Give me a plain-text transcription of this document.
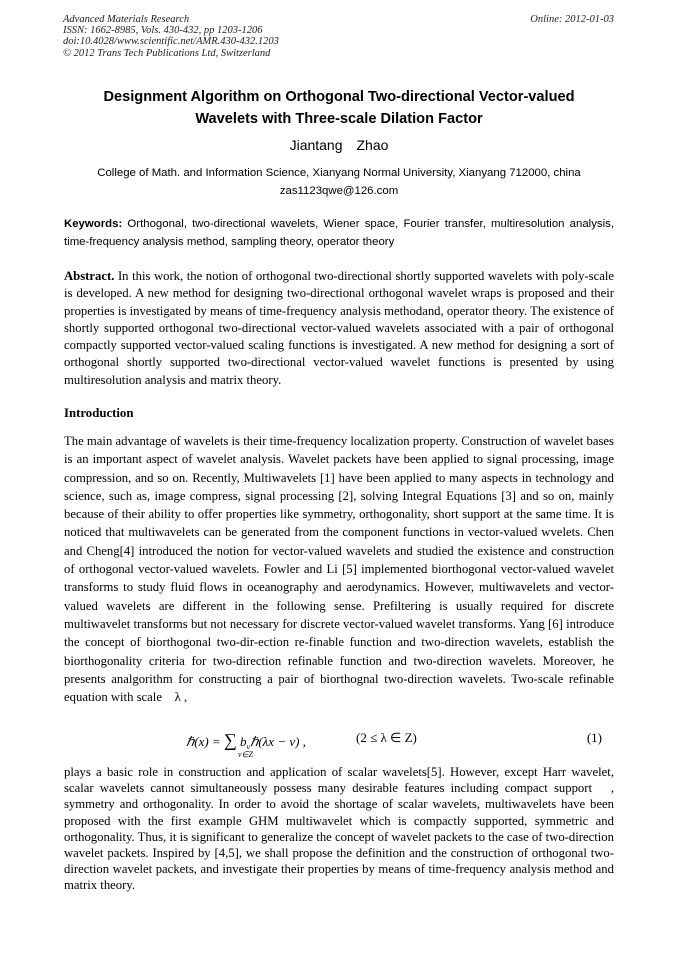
Advanced Materials Research
ISSN: 1662-8985, Vols. 430-432, pp 1203-1206
doi:10.4028/www.scientific.net/AMR.430-432.1203
© 2012 Trans Tech Publications Ltd, Switzerland
Online: 2012-01-03
Designment Algorithm on Orthogonal Two-directional Vector-valued
Wavelets with Three-scale Dilation Factor
Jiantang　Zhao
College of Math. and Information Science, Xianyang Normal University, Xianyang 712000, china
zas1123qwe@126.com
Keywords: Orthogonal, two-directional wavelets, Wiener space, Fourier transfer, multiresolution analysis, time-frequency analysis method, sampling theory, operator theory
Abstract. In this work, the notion of orthogonal two-directional shortly supported wavelets with poly-scale is developed. A new method for designing two-directional orthogonal wavelet wraps is proposed and their properties is investigated by means of time-frequency analysis methodand, operator theory. The existence of shortly supported orthogonal two-directional vector-valued wavelets associated with a pair of orthogonal compactly supported vector-valued scaling functions is investigated. A new method for designing a sort of orthogonal shortly supported two-directional vector-valued wavelet functions is presented by using multiresolution analysis and matrix theory.
Introduction
The main advantage of wavelets is their time-frequency localization property. Construction of wavelet bases is an important aspect of wavelet analysis. Wavelet packets have been applied to signal processing, image compression, and so on. Recently, Multiwavelets [1] have been applied to many aspects in technology and science, such as, image compress, signal processing [2], solving Integral Equations [3] and so on, mainly because of their ability to offer properties like symmetry, orthogonality, short support at the same time. It is noticed that multiwavelets can be generated from the component functions in vector-valued wvelets. Chen and Cheng[4] introduced the notion for vector-valued wavelets and studied the existence and construction of orthogonal vector-valued wavelets. Fowler and Li [5] implemented biorthogonal vector-valued wavelet transforms to study fluid flows in oceanography and aerodynamics. However, multiwavelets and vector-valued wavelets are different in the following sense. Prefiltering is usually required for discrete multiwavelet transforms but not necessary for discrete vector-valued wavelet transforms. Yang [6] introduce the concept of biorthogonal two-dir-ection re-finable function and two-direction wavelets, establish the biorthogonality criteria for two-direction refinable function and two-direction wavelets. Moreover, he presents analgorithm for constructing a pair of biorthognal two-direction wavelets. Two-scale refinable equation with scale　λ ,
ℏ(x) = ∑ $b_v\hbar(\lambda x - v)$ ,
v∈Z
(2 ≤ λ ∈ Z)	(1)
plays a basic role in construction and application of scalar wavelets[5]. However, except Harr wavelet, scalar wavelets cannot simultaneously possess many desirable features including compact support　, symmetry and orthogonality. In order to avoid the shortage of scalar wavelets, multiwavelets have been proposed with the first example GHM multiwavelet which is compactly supported, symmetric and orthogonality. Thus, it is significant to generalize the concept of wavelet packets to the case of two-direction wavelet packets. Inspired by [4,5], we shall propose the definition and the construction of orthogonal two-direction wavelet packets, and investigate their properties by means of time-frequency analysis method and matrix theory.
